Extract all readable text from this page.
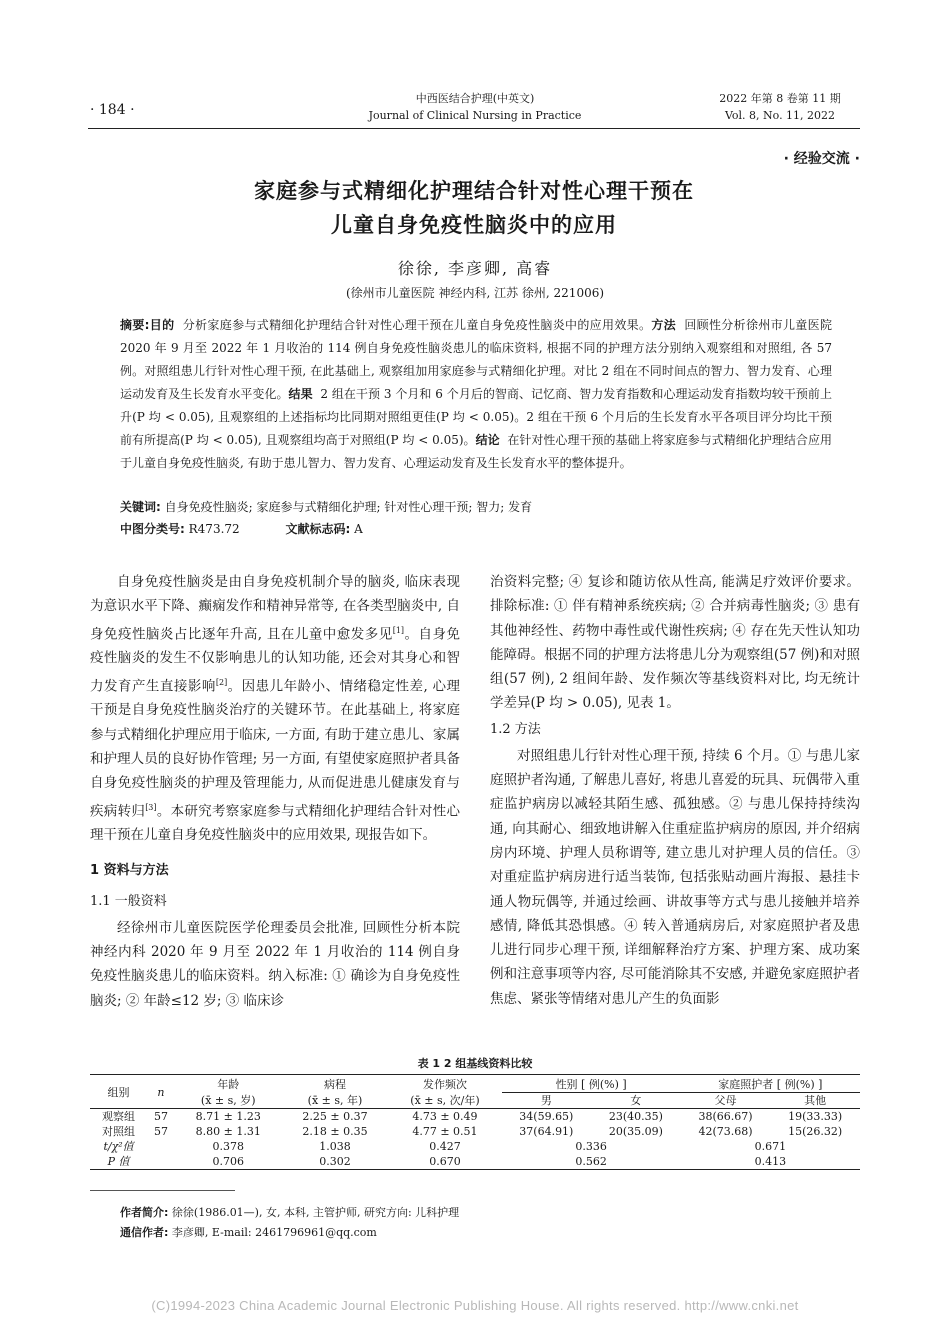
· 184 ·
中西医结合护理(中英文)
Journal of Clinical Nursing in Practice
2022 年第 8 卷第 11 期
Vol. 8, No. 11, 2022
· 经验交流 ·
家庭参与式精细化护理结合针对性心理干预在
儿童自身免疫性脑炎中的应用
徐徐, 李彦卿, 高睿
(徐州市儿童医院 神经内科, 江苏 徐州, 221006)
摘要:目的 分析家庭参与式精细化护理结合针对性心理干预在儿童自身免疫性脑炎中的应用效果。方法 回顾性分析徐州市儿童医院 2020 年 9 月至 2022 年 1 月收治的 114 例自身免疫性脑炎患儿的临床资料, 根据不同的护理方法分别纳入观察组和对照组, 各 57 例。对照组患儿行针对性心理干预, 在此基础上, 观察组加用家庭参与式精细化护理。对比 2 组在不同时间点的智力、智力发育、心理运动发育及生长发育水平变化。结果 2 组在干预 3 个月和 6 个月后的智商、记忆商、智力发育指数和心理运动发育指数均较干预前上升(P 均 < 0.05), 且观察组的上述指标均比同期对照组更佳(P 均 < 0.05)。2 组在干预 6 个月后的生长发育水平各项目评分均比干预前有所提高(P 均 < 0.05), 且观察组均高于对照组(P 均 < 0.05)。结论 在针对性心理干预的基础上将家庭参与式精细化护理结合应用于儿童自身免疫性脑炎, 有助于患儿智力、智力发育、心理运动发育及生长发育水平的整体提升。
关键词: 自身免疫性脑炎; 家庭参与式精细化护理; 针对性心理干预; 智力; 发育
中图分类号: R473.72	文献标志码: A

自身免疫性脑炎是由自身免疫机制介导的脑炎, 临床表现为意识水平下降、癫痫发作和精神异常等, 在各类型脑炎中, 自身免疫性脑炎占比逐年升高, 且在儿童中愈发多见[1]。自身免疫性脑炎的发生不仅影响患儿的认知功能, 还会对其身心和智力发育产生直接影响[2]。因患儿年龄小、情绪稳定性差, 心理干预是自身免疫性脑炎治疗的关键环节。在此基础上, 将家庭参与式精细化护理应用于临床, 一方面, 有助于建立患儿、家属和护理人员的良好协作管理; 另一方面, 有望使家庭照护者具备自身免疫性脑炎的护理及管理能力, 从而促进患儿健康发育与疾病转归[3]。本研究考察家庭参与式精细化护理结合针对性心理干预在儿童自身免疫性脑炎中的应用效果, 现报告如下。

1 资料与方法
1.1 一般资料

经徐州市儿童医院医学伦理委员会批准, 回顾性分析本院神经内科 2020 年 9 月至 2022 年 1 月收治的 114 例自身免疫性脑炎患儿的临床资料。纳入标准: ① 确诊为自身免疫性脑炎; ② 年龄≤12 岁; ③ 临床诊

治资料完整; ④ 复诊和随访依从性高, 能满足疗效评价要求。排除标准: ① 伴有精神系统疾病; ② 合并病毒性脑炎; ③ 患有其他神经性、药物中毒性或代谢性疾病; ④ 存在先天性认知功能障碍。根据不同的护理方法将患儿分为观察组(57 例)和对照组(57 例), 2 组间年龄、发作频次等基线资料对比, 均无统计学差异(P 均 > 0.05), 见表 1。

1.2 方法

对照组患儿行针对性心理干预, 持续 6 个月。① 与患儿家庭照护者沟通, 了解患儿喜好, 将患儿喜爱的玩具、玩偶带入重症监护病房以减轻其陌生感、孤独感。② 与患儿保持持续沟通, 向其耐心、细致地讲解入住重症监护病房的原因, 并介绍病房内环境、护理人员称谓等, 建立患儿对护理人员的信任。③ 对重症监护病房进行适当装饰, 包括张贴动画片海报、悬挂卡通人物玩偶等, 并通过绘画、讲故事等方式与患儿接触并培养感情, 降低其恐惧感。④ 转入普通病房后, 对家庭照护者及患儿进行同步心理干预, 详细解释治疗方案、护理方案、成功案例和注意事项等内容, 尽可能消除其不安感, 并避免家庭照护者焦虑、紧张等情绪对患儿产生的负面影

表 1 2 组基线资料比较
组别	n	年龄	病程	发作频次	性别 [ 例(%) ]		家庭照护者 [ 例(%) ]	
		(x̄ ± s, 岁)	(x̄ ± s, 年)	(x̄ ± s, 次/年)	男	女	父母	其他
观察组	57	8.71 ± 1.23	2.25 ± 0.37	4.73 ± 0.49	34(59.65)	23(40.35)	38(66.67)	19(33.33)
对照组	57	8.80 ± 1.31	2.18 ± 0.35	4.77 ± 0.51	37(64.91)	20(35.09)	42(73.68)	15(26.32)
t/χ²值		0.378	1.038	0.427	0.336		0.671	
P 值		0.706	0.302	0.670	0.562		0.413	
作者简介: 徐徐(1986.01—), 女, 本科, 主管护师, 研究方向: 儿科护理
通信作者: 李彦卿, E-mail: 2461796961@qq.com
(C)1994-2023 China Academic Journal Electronic Publishing House. All rights reserved. http://www.cnki.net
